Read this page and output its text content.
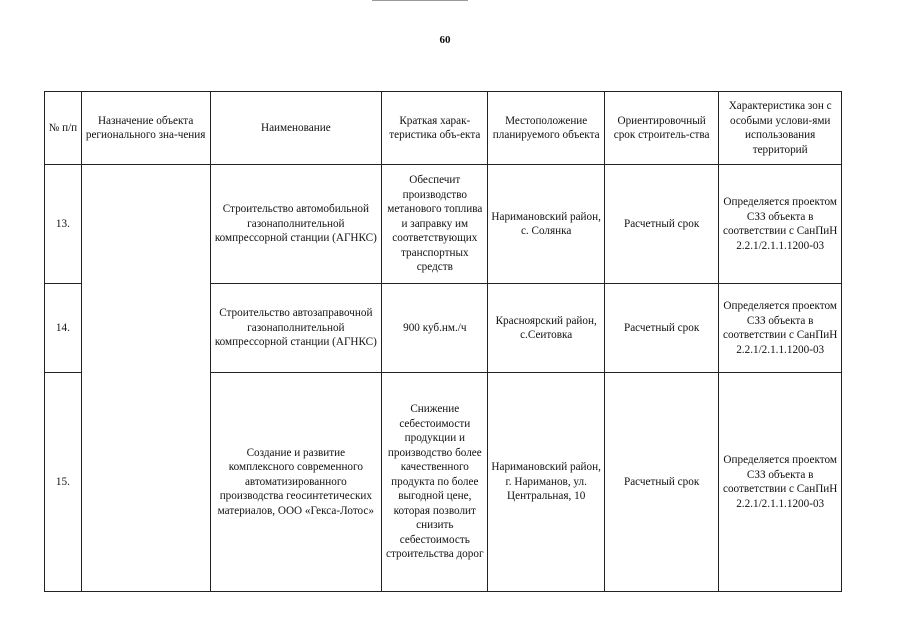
60
№ п/п	Назначение объекта регионального зна-чения	Наименование	Краткая харак-теристика объ-екта	Местоположение планируемого объекта	Ориентировочный срок строитель-ства	Характеристика зон с особыми услови-ями использования территорий
13.		Строительство автомобильной газонаполнительной компрессорной станции (АГНКС)	Обеспечит производство метанового топлива и заправку им соответствующих транспортных средств	Наримановский район, с. Солянка	Расчетный срок	Определяется проектом СЗЗ объекта в соответствии с СанПиН 2.2.1/2.1.1.1200-03
14.		Строительство автозаправочной газонаполнительной компрессорной станции (АГНКС)	900 куб.нм./ч	Красноярский район, с.Сеитовка	Расчетный срок	Определяется проектом СЗЗ объекта в соответствии с СанПиН 2.2.1/2.1.1.1200-03
15.		Создание и развитие комплексного современного автоматизированного производства геосинтетических материалов, ООО «Гекса-Лотос»	Снижение себестоимости продукции и производство более качественного продукта по более выгодной цене, которая позволит снизить себестоимость строительства дорог	Наримановский район, г. Нариманов, ул. Центральная, 10	Расчетный срок	Определяется проектом СЗЗ объекта в соответствии с СанПиН 2.2.1/2.1.1.1200-03
